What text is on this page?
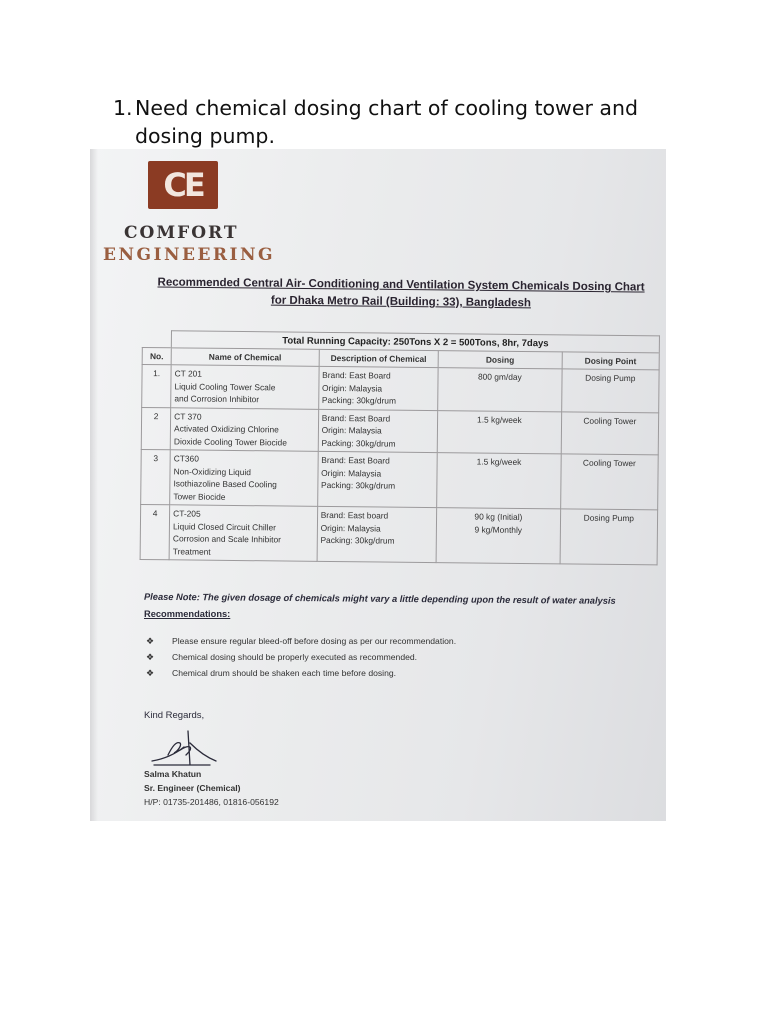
1. Need chemical dosing chart of cooling tower and dosing pump.
CE
COMFORT
ENGINEERING
Recommended Central Air- Conditioning and Ventilation System Chemicals Dosing Chart
for Dhaka Metro Rail (Building: 33), Bangladesh
	Total Running Capacity: 250Tons X 2 = 500Tons, 8hr, 7days			
No.	Name of Chemical	Description of Chemical	Dosing	Dosing Point
1.	CT 201
Liquid Cooling Tower Scale
and Corrosion Inhibitor	Brand: East Board
Origin: Malaysia
Packing: 30kg/drum	800 gm/day	Dosing Pump
2	CT 370
Activated Oxidizing Chlorine
Dioxide Cooling Tower Biocide	Brand: East Board
Origin: Malaysia
Packing: 30kg/drum	1.5 kg/week	Cooling Tower
3	CT360
Non-Oxidizing Liquid
Isothiazoline Based Cooling
Tower Biocide	Brand: East Board
Origin: Malaysia
Packing: 30kg/drum	1.5 kg/week	Cooling Tower
4	CT-205
Liquid Closed Circuit Chiller
Corrosion and Scale Inhibitor
Treatment	Brand: East board
Origin: Malaysia
Packing: 30kg/drum	90 kg (Initial)
9 kg/Monthly	Dosing Pump
Please Note: The given dosage of chemicals might vary a little depending upon the result of water analysis
Recommendations:
❖	Please ensure regular bleed-off before dosing as per our recommendation.
❖	Chemical dosing should be properly executed as recommended.
❖	Chemical drum should be shaken each time before dosing.
Kind Regards,
Salma Khatun
Sr. Engineer (Chemical)
H/P: 01735-201486, 01816-056192
